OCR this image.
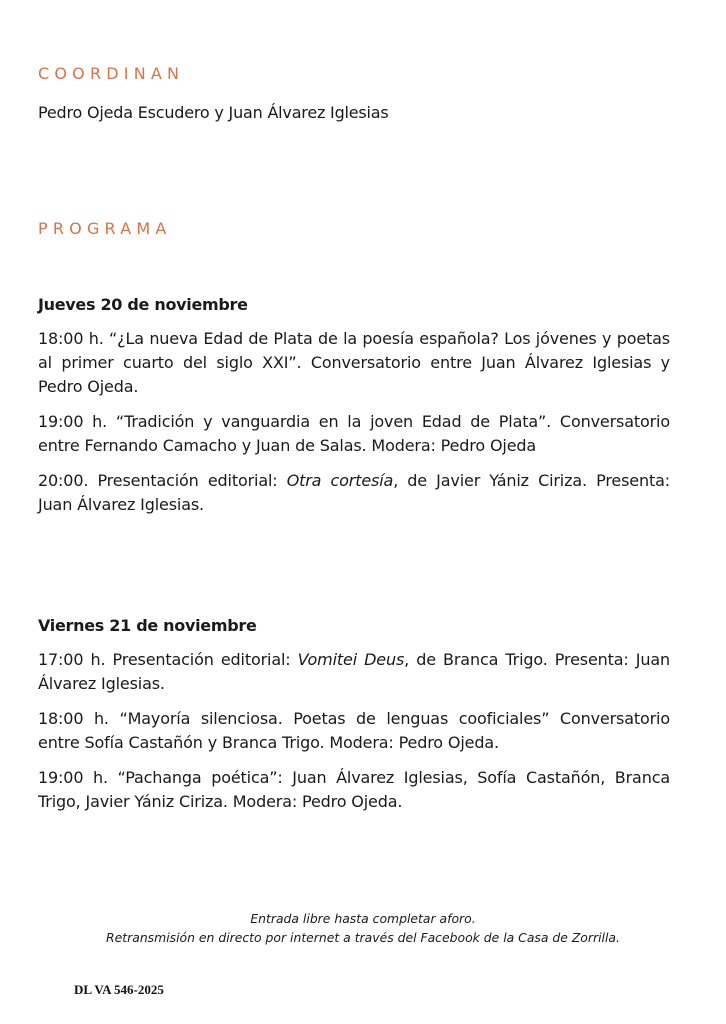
COORDINAN

Pedro Ojeda Escudero y Juan Álvarez Iglesias

PROGRAMA

Jueves 20 de noviembre

18:00 h. “¿La nueva Edad de Plata de la poesía española? Los jóvenes y poetas al primer cuarto del siglo XXI”. Conversatorio entre Juan Álvarez Iglesias y Pedro Ojeda.

19:00 h. “Tradición y vanguardia en la joven Edad de Plata”. Conversatorio entre Fernando Camacho y Juan de Salas. Modera: Pedro Ojeda

20:00. Presentación editorial: Otra cortesía, de Javier Yániz Ciriza. Presenta: Juan Álvarez Iglesias.

Viernes 21 de noviembre

17:00 h. Presentación editorial: Vomitei Deus, de Branca Trigo. Presenta: Juan Álvarez Iglesias.

18:00 h. “Mayoría silenciosa. Poetas de lenguas cooficiales” Conversatorio entre Sofía Castañón y Branca Trigo. Modera: Pedro Ojeda.

19:00 h. “Pachanga poética”: Juan Álvarez Iglesias, Sofía Castañón, Branca Trigo, Javier Yániz Ciriza. Modera: Pedro Ojeda.

Entrada libre hasta completar aforo.
Retransmisión en directo por internet a través del Facebook de la Casa de Zorrilla.
DL VA 546-2025
